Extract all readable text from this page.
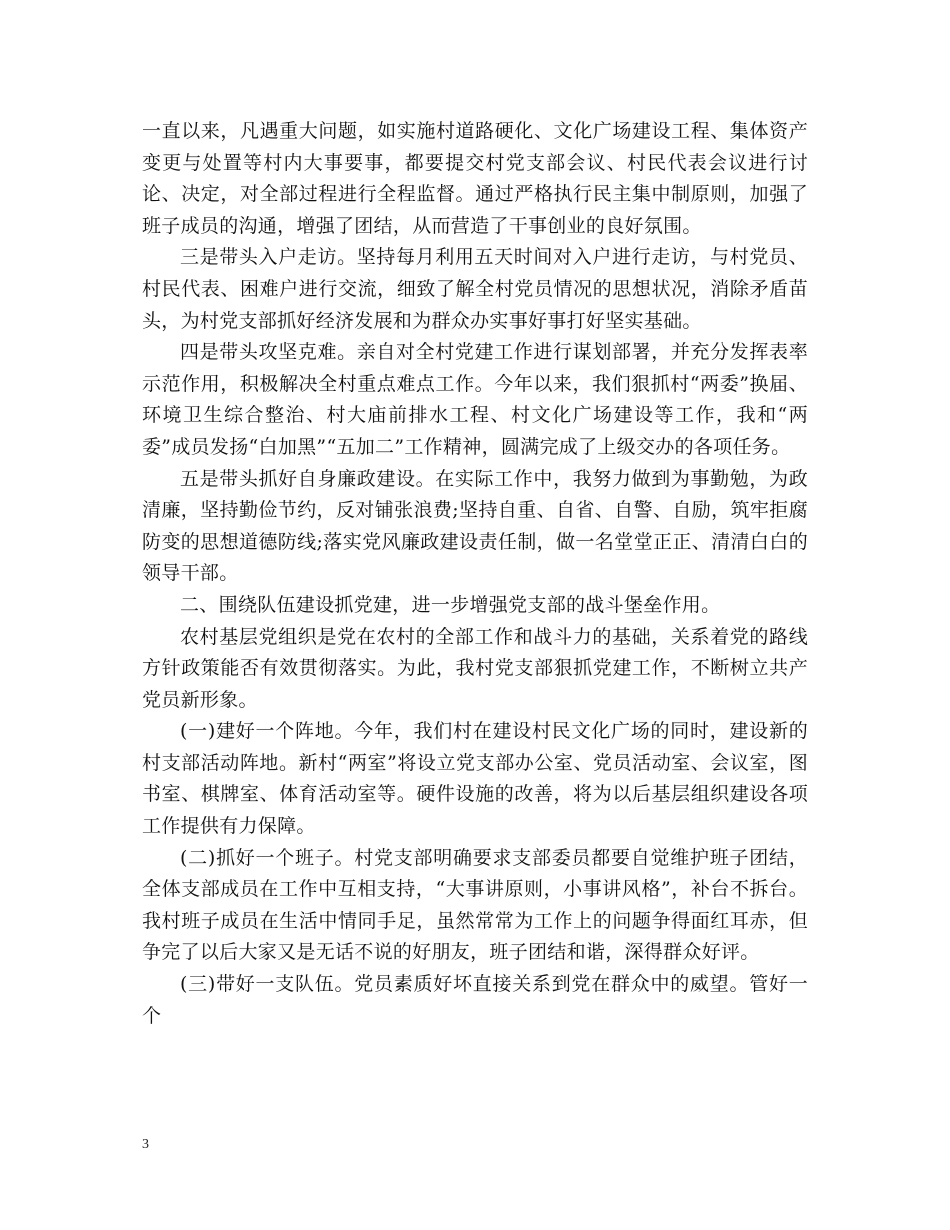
一直以来，凡遇重大问题，如实施村道路硬化、文化广场建设工程、集体资产变更与处置等村内大事要事，都要提交村党支部会议、村民代表会议进行讨论、决定，对全部过程进行全程监督。通过严格执行民主集中制原则，加强了班子成员的沟通，增强了团结，从而营造了干事创业的良好氛围。

三是带头入户走访。坚持每月利用五天时间对入户进行走访，与村党员、村民代表、困难户进行交流，细致了解全村党员情况的思想状况，消除矛盾苗头，为村党支部抓好经济发展和为群众办实事好事打好坚实基础。

四是带头攻坚克难。亲自对全村党建工作进行谋划部署，并充分发挥表率示范作用，积极解决全村重点难点工作。今年以来，我们狠抓村“两委”换届、环境卫生综合整治、村大庙前排水工程、村文化广场建设等工作，我和“两委”成员发扬“白加黑”“五加二”工作精神，圆满完成了上级交办的各项任务。

五是带头抓好自身廉政建设。在实际工作中，我努力做到为事勤勉，为政清廉，坚持勤俭节约，反对铺张浪费;坚持自重、自省、自警、自励，筑牢拒腐防变的思想道德防线;落实党风廉政建设责任制，做一名堂堂正正、清清白白的领导干部。

二、围绕队伍建设抓党建，进一步增强党支部的战斗堡垒作用。

农村基层党组织是党在农村的全部工作和战斗力的基础，关系着党的路线方针政策能否有效贯彻落实。为此，我村党支部狠抓党建工作，不断树立共产党员新形象。

(一)建好一个阵地。今年，我们村在建设村民文化广场的同时，建设新的村支部活动阵地。新村“两室”将设立党支部办公室、党员活动室、会议室，图书室、棋牌室、体育活动室等。硬件设施的改善，将为以后基层组织建设各项工作提供有力保障。

(二)抓好一个班子。村党支部明确要求支部委员都要自觉维护班子团结，全体支部成员在工作中互相支持，“大事讲原则，小事讲风格”，补台不拆台。我村班子成员在生活中情同手足，虽然常常为工作上的问题争得面红耳赤，但争完了以后大家又是无话不说的好朋友，班子团结和谐，深得群众好评。

(三)带好一支队伍。党员素质好坏直接关系到党在群众中的威望。管好一个

3
